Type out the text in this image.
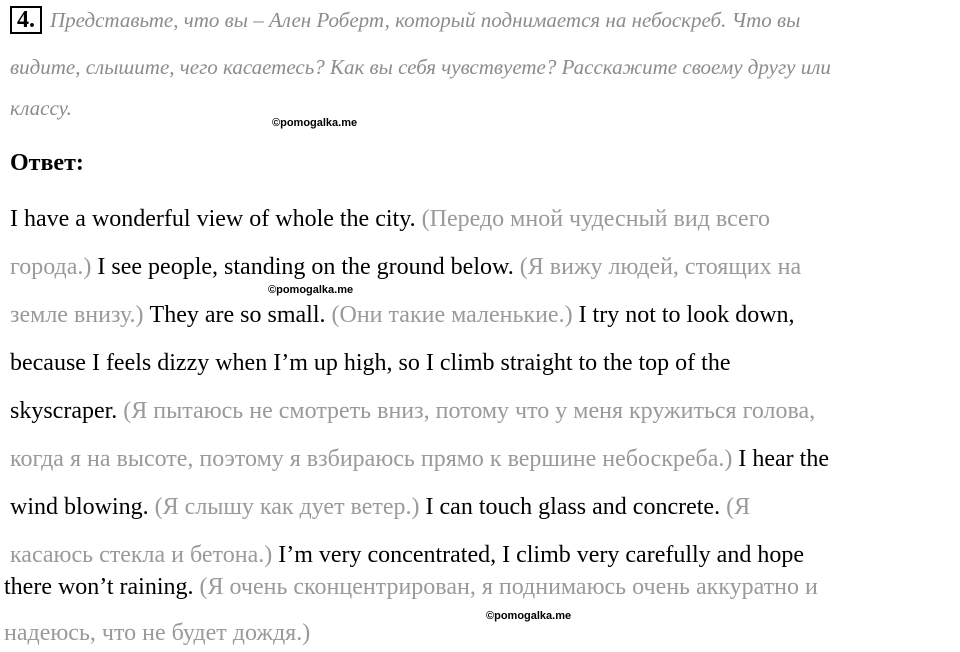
4. Представьте, что вы – Ален Роберт, который поднимается на небоскреб. Что вы
видите, слышите, чего касаетесь? Как вы себя чувствуете? Расскажите своему другу или
классу.
©pomogalka.me
Ответ:
I have a wonderful view of whole the city. (Передо мной чудесный вид всего
города.) I see people, standing on the ground below. (Я вижу людей, стоящих на
земле внизу.) They are so small. (Они такие маленькие.) I try not to look down,
because I feels dizzy when I’m up high, so I climb straight to the top of the
skyscraper. (Я пытаюсь не смотреть вниз, потому что у меня кружиться голова,
когда я на высоте, поэтому я взбираюсь прямо к вершине небоскреба.) I hear the
wind blowing. (Я слышу как дует ветер.) I can touch glass and concrete. (Я
касаюсь стекла и бетона.) I’m very concentrated, I climb very carefully and hope
there won’t raining. (Я очень сконцентрирован, я поднимаюсь очень аккуратно и
надеюсь, что не будет дождя.)
©pomogalka.me
©pomogalka.me
